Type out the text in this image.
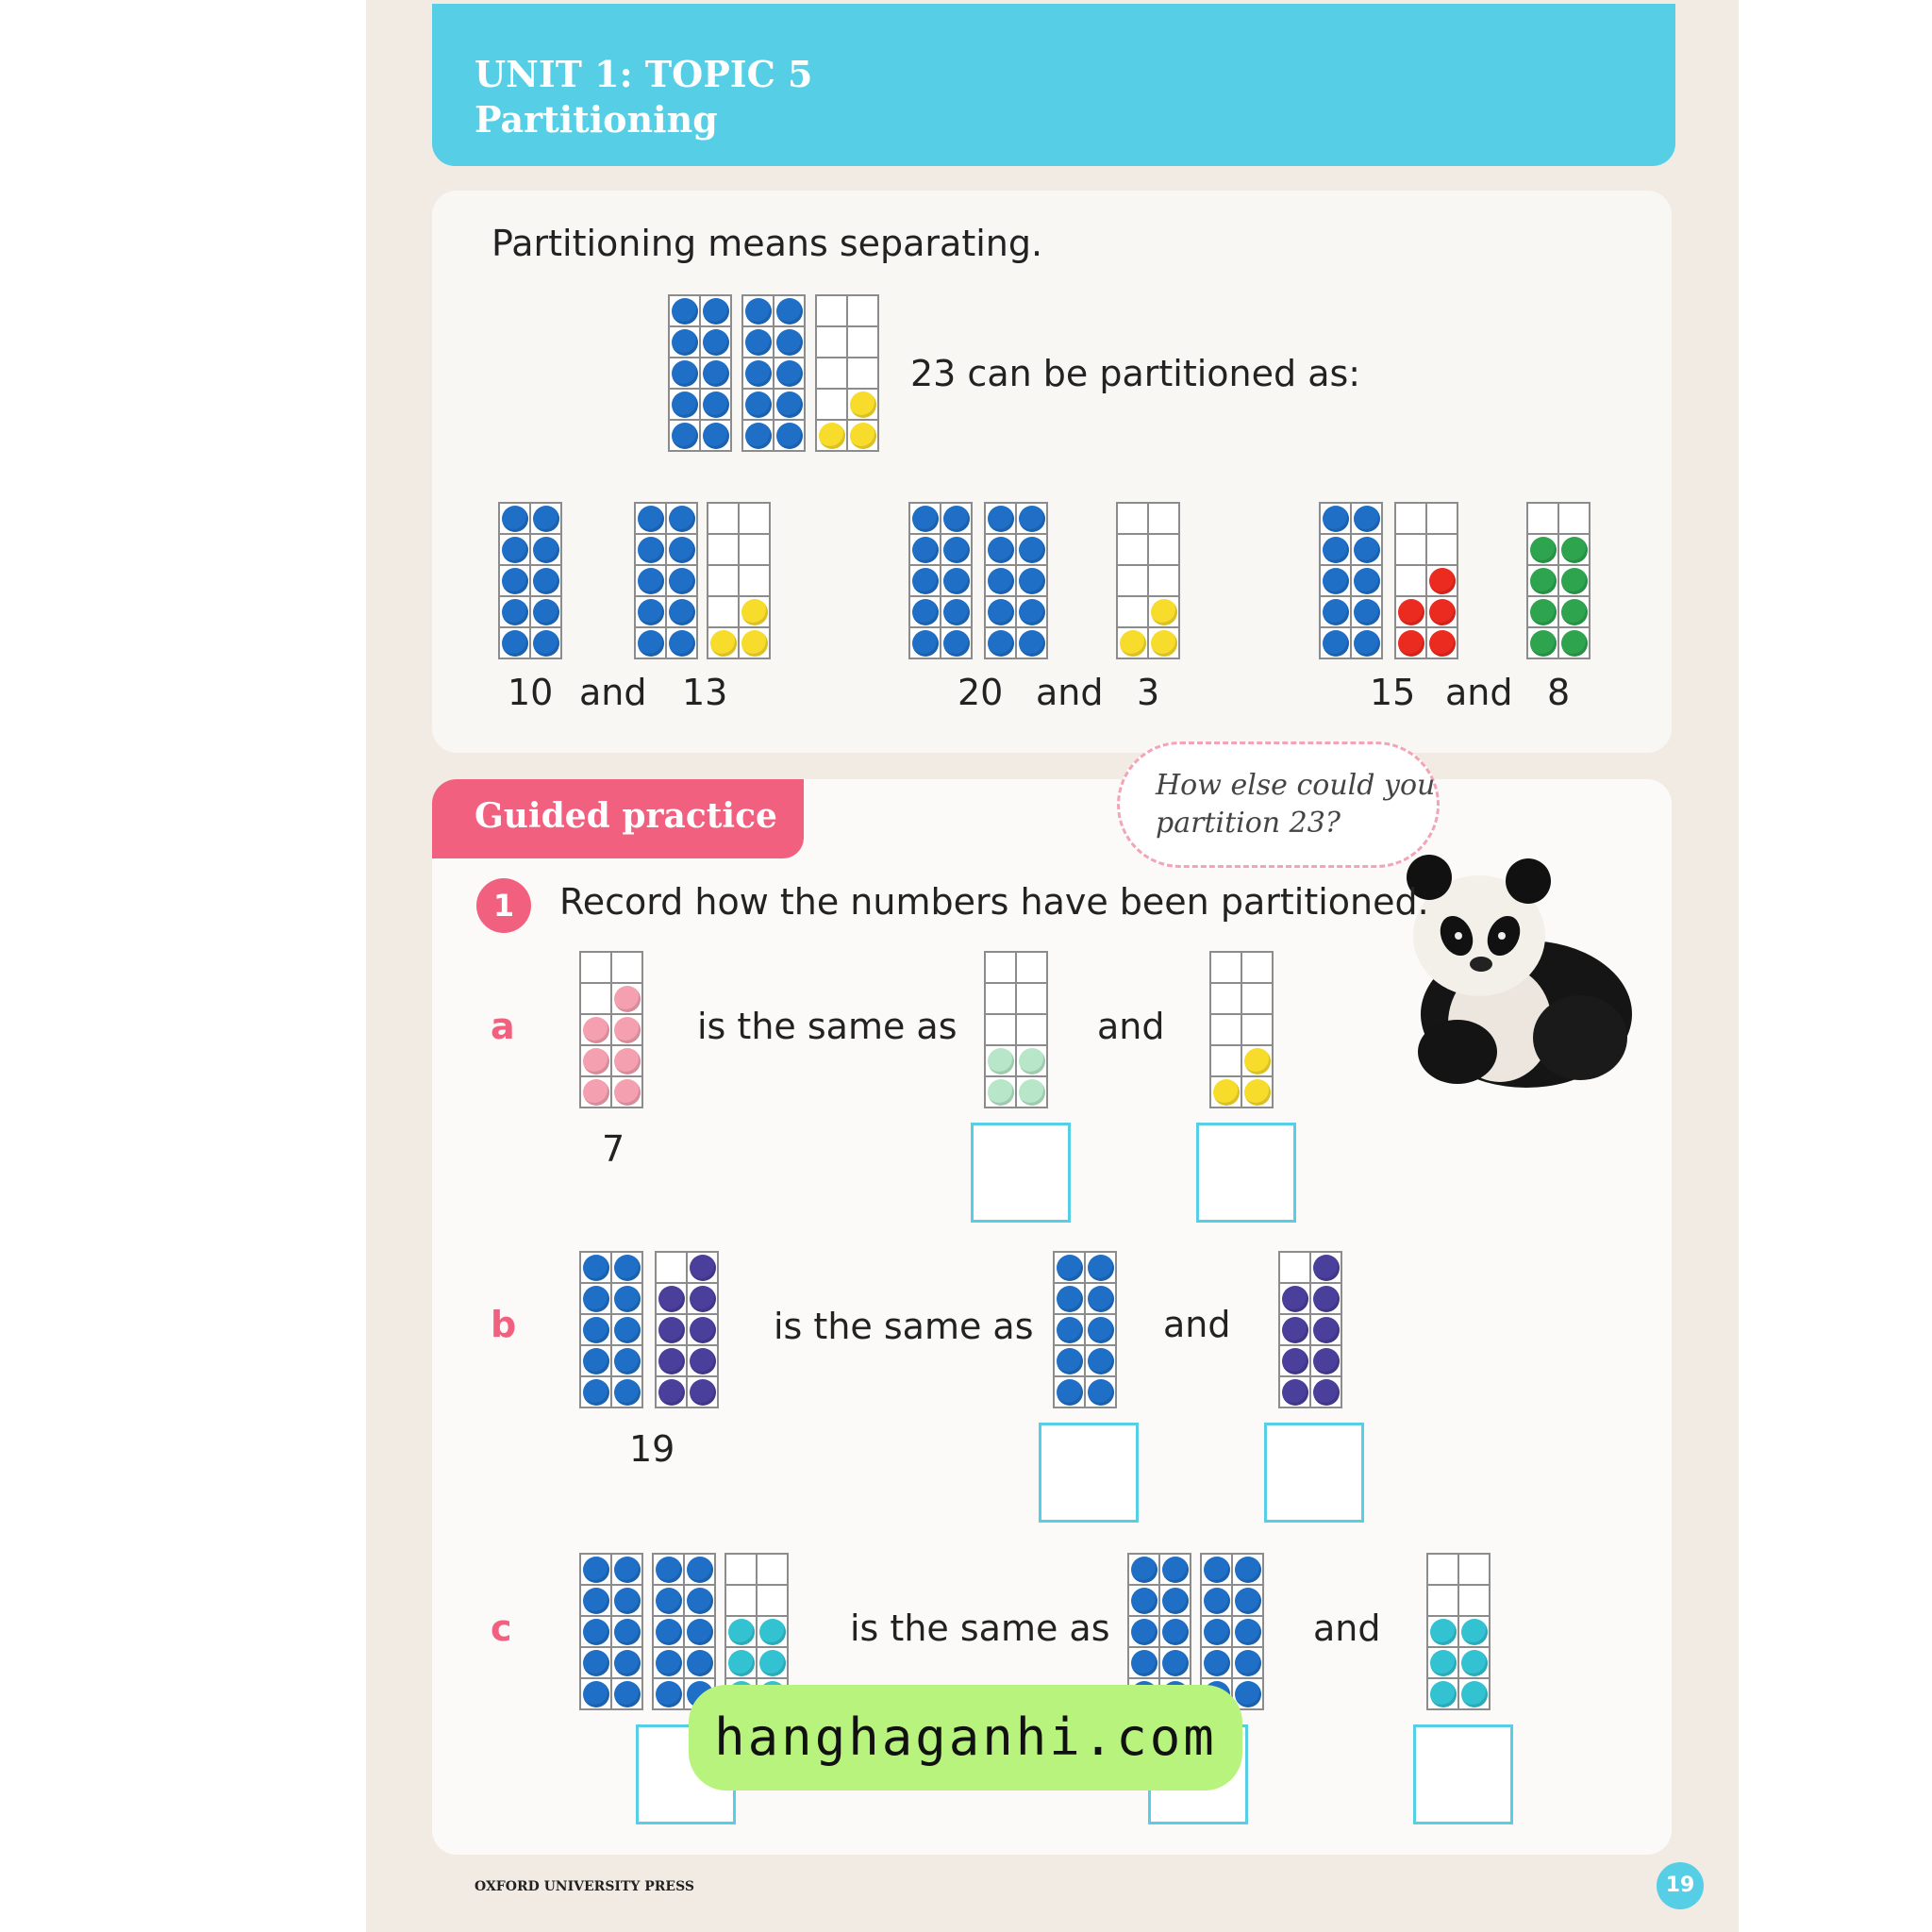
UNIT 1: TOPIC 5
Partitioning
Partitioning means separating.
23 can be partitioned as:

10 and 13

		20 and 3

		15 and 8
Guided practice
How else could you
partition 23?
1	Record how the numbers have been partitioned.
a

7
is the same as

		and

b

19
is the same as

		and

c

		is the same as

		and

hanghaganhi.com
OXFORD UNIVERSITY PRESS	19
